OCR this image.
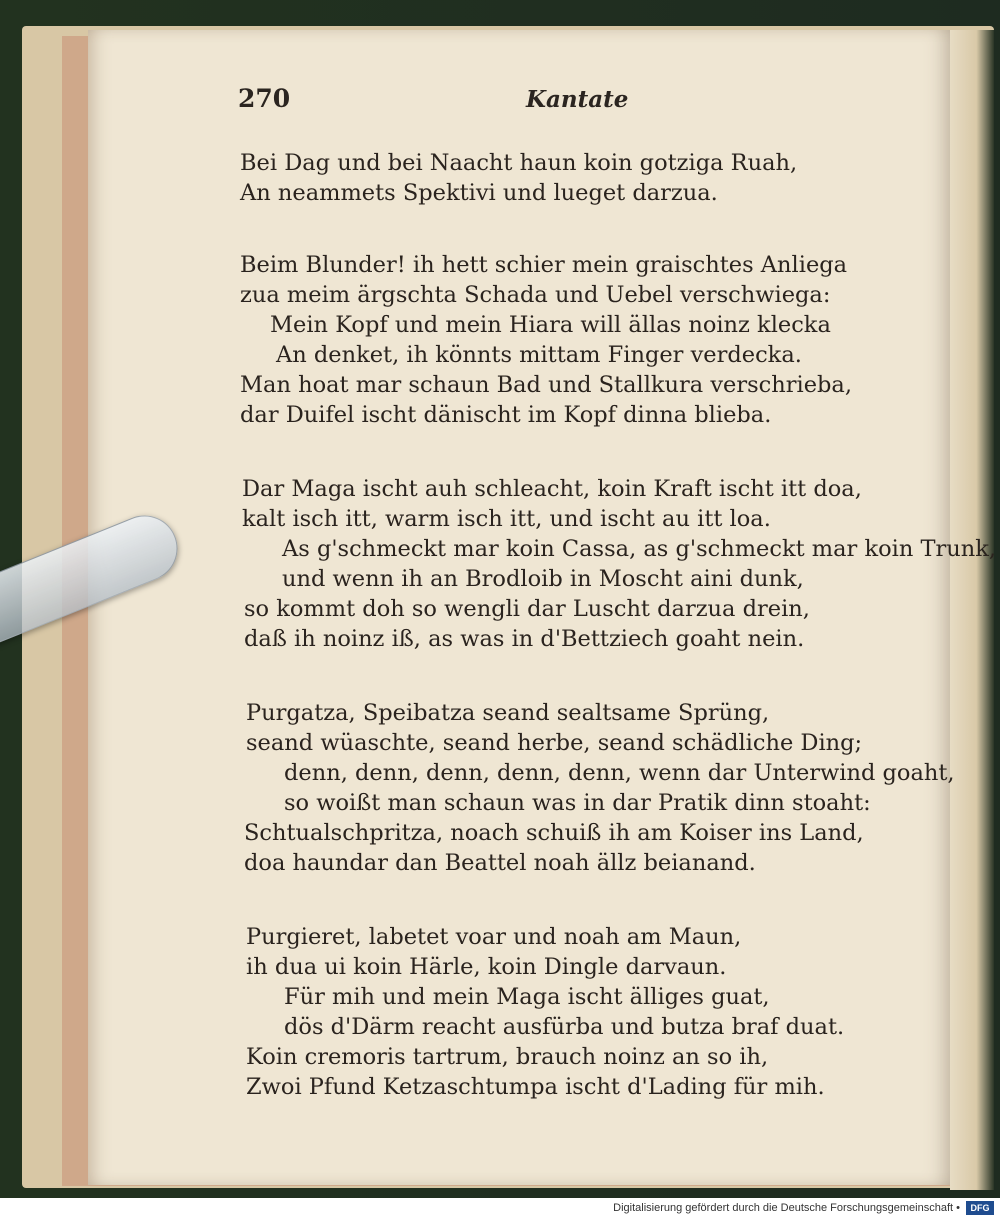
270	Kantate
Bei Dag und bei Naacht haun koin gotziga Ruah,
An neammets Spektivi und lueget darzua.
Beim Blunder! ih hett schier mein graischtes Anliega
zua meim ärgschta Schada und Uebel verschwiega:
Mein Kopf und mein Hiara will ällas noinz klecka
An denket, ih könnts mittam Finger verdecka.
Man hoat mar schaun Bad und Stallkura verschrieba,
dar Duifel ischt dänischt im Kopf dinna blieba.
Dar Maga ischt auh schleacht, koin Kraft ischt itt doa,
kalt isch itt, warm isch itt, und ischt au itt loa.
As g'schmeckt mar koin Cassa, as g'schmeckt mar koin Trunk,
und wenn ih an Brodloib in Moscht aini dunk,
so kommt doh so wengli dar Luscht darzua drein,
daß ih noinz iß, as was in d'Bettziech goaht nein.
Purgatza, Speibatza seand sealtsame Sprüng,
seand wüaschte, seand herbe, seand schädliche Ding;
denn, denn, denn, denn, denn, wenn dar Unterwind goaht,
so woißt man schaun was in dar Pratik dinn stoaht:
Schtualschpritza, noach schuiß ih am Koiser ins Land,
doa haundar dan Beattel noah ällz beianand.
Purgieret, labetet voar und noah am Maun,
ih dua ui koin Härle, koin Dingle darvaun.
Für mih und mein Maga ischt älliges guat,
dös d'Därm reacht ausfürba und butza braf duat.
Koin cremoris tartrum, brauch noinz an so ih,
Zwoi Pfund Ketzaschtumpa ischt d'Lading für mih.
Digitalisierung gefördert durch die Deutsche Forschungsgemeinschaft •	DFG
